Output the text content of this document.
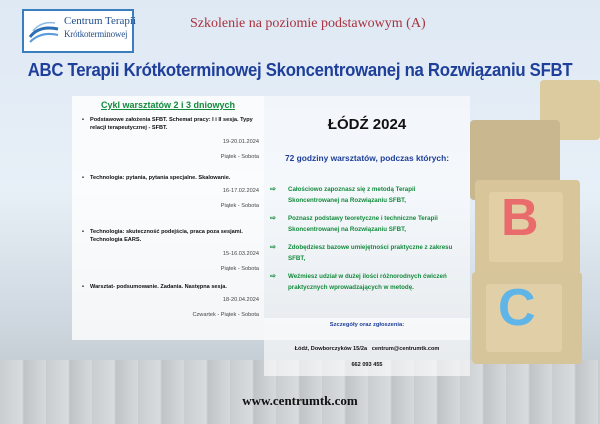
B
C
Centrum Terapii
Krótkoterminowej
Szkolenie na poziomie podstawowym (A)
ABC Terapii Krótkoterminowej Skoncentrowanej na Rozwiązaniu SFBT
Cykl warsztatów 2 i 3 dniowych
• Podstawowe założenia SFBT. Schemat pracy: I i II sesja. Typy relacji terapeutycznej - SFBT.
19-20.01.2024
Piątek - Sobota
• Technologia: pytania, pytania specjalne. Skalowanie.
16-17.02.2024
Piątek - Sobota
• Technologia: skuteczność podejścia, praca poza sesjami. Technologia EARS.
15-16.03.2024
Piątek - Sobota
• Warsztat- podsumowanie. Zadania. Następna sesja.
18-20.04.2024
Czwartek - Piątek - Sobota
ŁÓDŹ 2024
72 godziny warsztatów, podczas których:
⇨ Całościowo zapoznasz się z metodą Terapii Skoncentrowanej na Rozwiązaniu SFBT,
⇨ Poznasz podstawy teoretyczne i techniczne Terapii Skoncentrowanej na Rozwiązaniu SFBT,
⇨ Zdobędziesz bazowe umiejętności praktyczne z zakresu SFBT,
⇨ Weźmiesz udział w dużej ilości różnorodnych ćwiczeń praktycznych wprowadzających w metodę.
Szczegóły oraz zgłoszenia:
Łódź, Dowborczyków 15/2a centrum@centrumtk.com
662 093 455
www.centrumtk.com
